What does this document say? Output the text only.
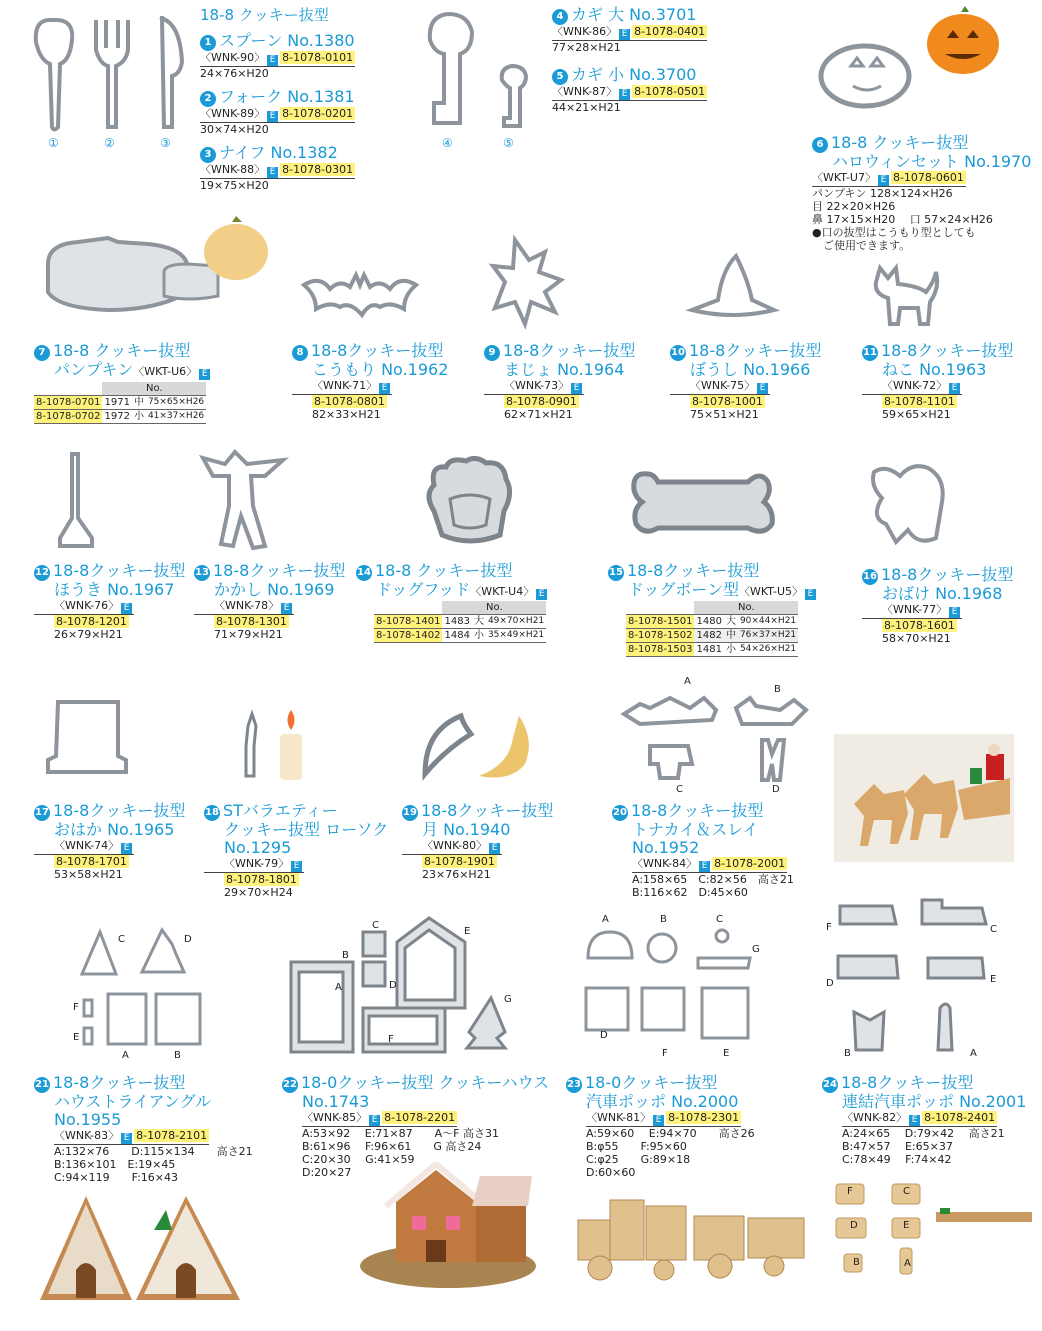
①	②	③
18-8 クッキー抜型
1 スプーン No.1380
〈WNK-90〉 E 8-1078-0101
24×76×H20
2 フォーク No.1381
〈WNK-89〉 E 8-1078-0201
30×74×H20
3 ナイフ No.1382
〈WNK-88〉 E 8-1078-0301
19×75×H20
④	⑤
4 カギ 大 No.3701
〈WNK-86〉 E 8-1078-0401
77×28×H21
5 カギ 小 No.3700
〈WNK-87〉 E 8-1078-0501
44×21×H21
6 18-8 クッキー抜型
ハロウィンセット No.1970
〈WKT-U7〉 E 8-1078-0601
パンプキン 128×124×H26
目 22×20×H26
鼻 17×15×H20　 口 57×24×H26
●口の抜型はこうもり型としても
　ご使用できます。
7 18-8 クッキー抜型
パンプキン〈WKT-U6〉 E
	No.		
8-1078-0701	1971	中	75×65×H26
8-1078-0702	1972	小	41×37×H26
8 18-8クッキー抜型
こうもり No.1962
〈WNK-71〉 E
8-1078-0801
82×33×H21
9 18-8クッキー抜型
まじょ No.1964
〈WNK-73〉 E
8-1078-0901
62×71×H21
10 18-8クッキー抜型
ぼうし No.1966
〈WNK-75〉 E
8-1078-1001
75×51×H21
11 18-8クッキー抜型
ねこ No.1963
〈WNK-72〉 E
8-1078-1101
59×65×H21
12 18-8クッキー抜型
ほうき No.1967
〈WNK-76〉 E
8-1078-1201
26×79×H21
13 18-8クッキー抜型
かかし No.1969
〈WNK-78〉 E
8-1078-1301
71×79×H21
14 18-8 クッキー抜型
ドッグフッド〈WKT-U4〉 E
	No.		
8-1078-1401	1483	大	49×70×H21
8-1078-1402	1484	小	35×49×H21
15 18-8クッキー抜型
ドッグボーン型〈WKT-U5〉 E
	No.		
8-1078-1501	1480	大	90×44×H21
8-1078-1502	1482	中	76×37×H21
8-1078-1503	1481	小	54×26×H21
16 18-8クッキー抜型
おばけ No.1968
〈WNK-77〉 E
8-1078-1601
58×70×H21
17 18-8クッキー抜型
おはか No.1965
〈WNK-74〉 E
8-1078-1701
53×58×H21
18 STバラエティー
クッキー抜型 ローソク
No.1295
〈WNK-79〉 E
8-1078-1801
29×70×H24
19 18-8クッキー抜型
月 No.1940
〈WNK-80〉 E
8-1078-1901
23×76×H21
A
B
C	D
20 18-8クッキー抜型
トナカイ＆スレイ
No.1952
〈WNK-84〉 E 8-1078-2001
A:158×65　C:82×56　高さ21
B:116×62　D:45×60
C	D
F
E
A	B
21 18-8クッキー抜型
ハウストライアングル
No.1955
〈WNK-83〉 E 8-1078-2101
A:132×76　　D:115×134　　高さ21
B:136×101　E:19×45
C:94×119　　F:16×43
C
E
B
A	D
F
G
22 18-0クッキー抜型 クッキーハウス
No.1743
〈WNK-85〉 E 8-1078-2201
A:53×92　 E:71×87　　A～F 高さ31
B:61×96　 F:96×61　　G 高さ24
C:20×30　 G:41×59
D:20×27
A	B	C
G
D
F	E
23 18-0クッキー抜型
汽車ポッポ No.2000
〈WNK-81〉 E 8-1078-2301
A:59×60　 E:94×70　　高さ26
B:φ55　　F:95×60
C:φ25　　G:89×18
D:60×60
F	C
D	E
B	A
24 18-8クッキー抜型
連結汽車ポッポ No.2001
〈WNK-82〉 E 8-1078-2401
A:24×65　 D:79×42　 高さ21
B:47×57　 E:65×37
C:78×49　 F:74×42
F	C
D	E
B	A
